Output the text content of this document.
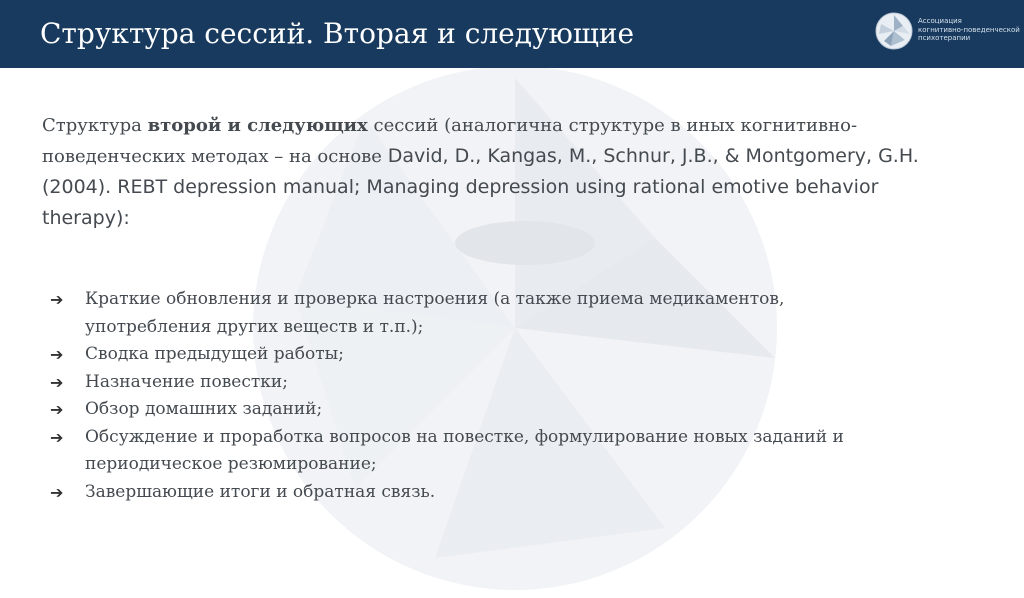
Структура сессий. Вторая и следующие	Ассоциация
когнитивно-поведенческой
психотерапии
Структура второй и следующих сессий (аналогична структуре в иных когнитивно-поведенческих методах – на основе David, D., Kangas, M., Schnur, J.B., & Montgomery, G.H. (2004). REBT depression manual; Managing depression using rational emotive behavior therapy):
➔ Краткие обновления и проверка настроения (а также приема медикаментов, употребления других веществ и т.п.);
➔ Сводка предыдущей работы;
➔ Назначение повестки;
➔ Обзор домашних заданий;
➔ Обсуждение и проработка вопросов на повестке, формулирование новых заданий и периодическое резюмирование;
➔ Завершающие итоги и обратная связь.
